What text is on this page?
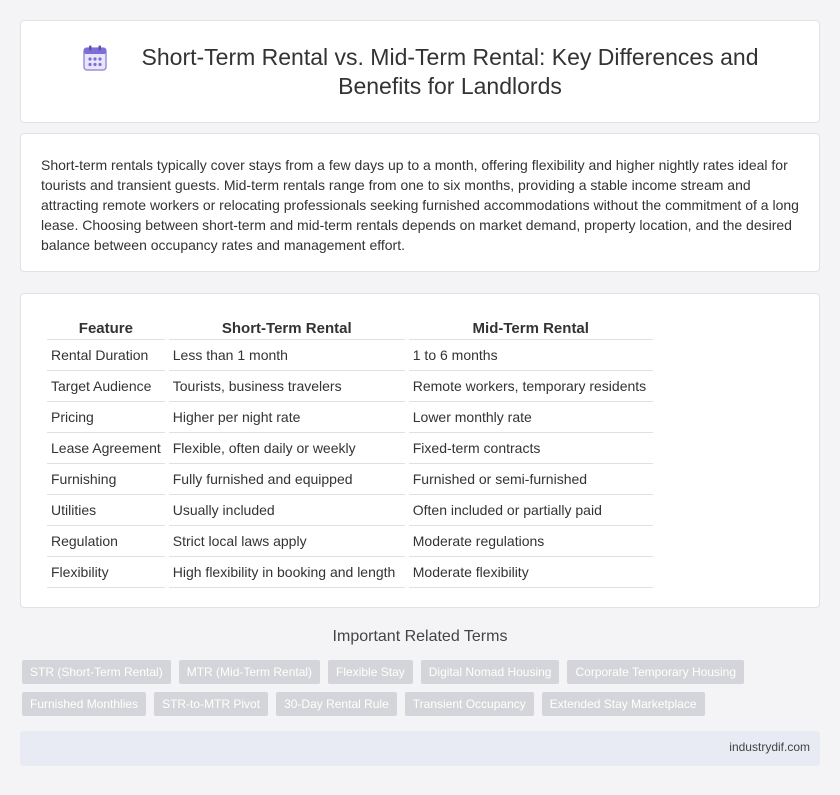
Short-Term Rental vs. Mid-Term Rental: Key Differences and Benefits for Landlords

Short-term rentals typically cover stays from a few days up to a month, offering flexibility and higher nightly rates ideal for tourists and transient guests. Mid-term rentals range from one to six months, providing a stable income stream and attracting remote workers or relocating professionals seeking furnished accommodations without the commitment of a long lease. Choosing between short-term and mid-term rentals depends on market demand, property location, and the desired balance between occupancy rates and management effort.

Feature	Short-Term Rental	Mid-Term Rental
Rental Duration	Less than 1 month	1 to 6 months
Target Audience	Tourists, business travelers	Remote workers, temporary residents
Pricing	Higher per night rate	Lower monthly rate
Lease Agreement	Flexible, often daily or weekly	Fixed-term contracts
Furnishing	Fully furnished and equipped	Furnished or semi-furnished
Utilities	Usually included	Often included or partially paid
Regulation	Strict local laws apply	Moderate regulations
Flexibility	High flexibility in booking and length	Moderate flexibility
Important Related Terms
STR (Short-Term Rental)	MTR (Mid-Term Rental)	Flexible Stay	Digital Nomad Housing	Corporate Temporary Housing
Furnished Monthlies	STR-to-MTR Pivot	30-Day Rental Rule	Transient Occupancy	Extended Stay Marketplace
industrydif.com
